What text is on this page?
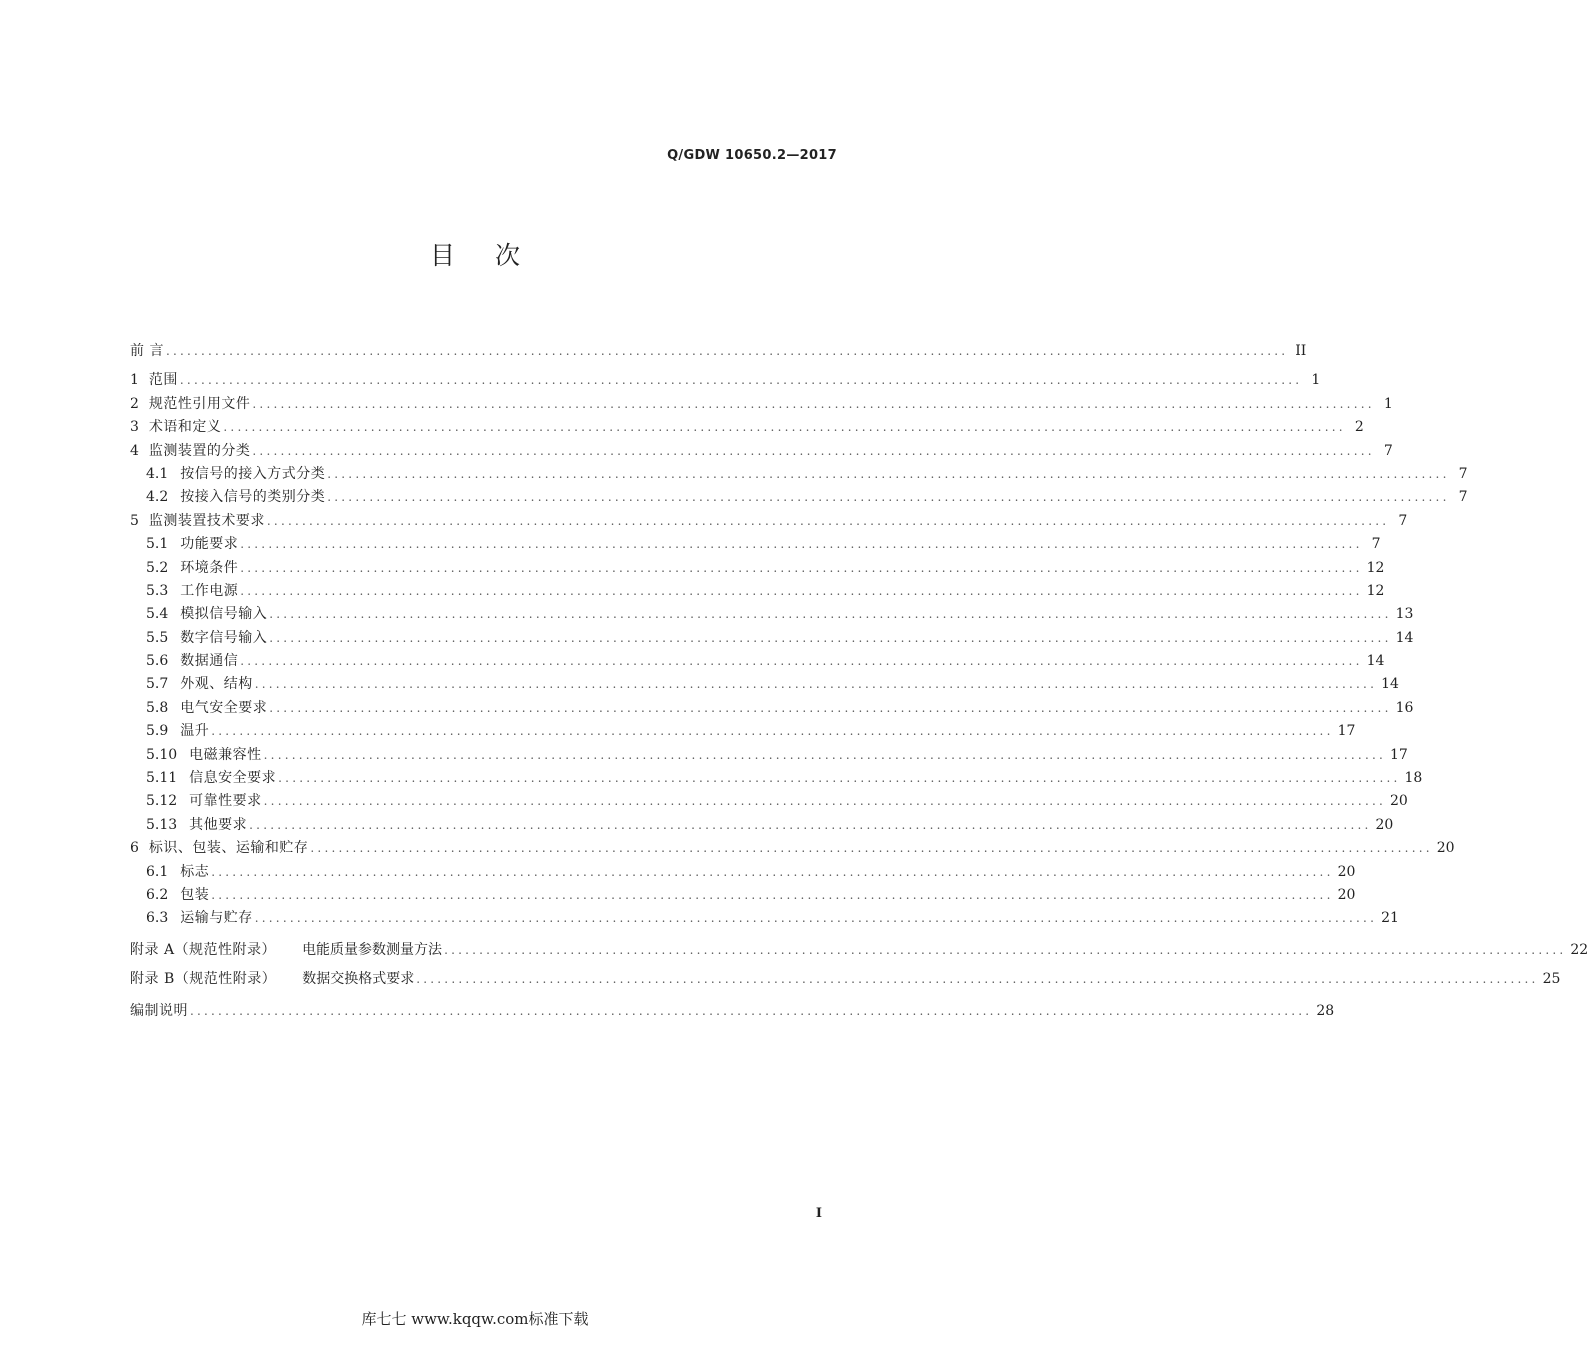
Q/GDW 10650.2—2017
目次
前 言 ................................................................................................................................................................ II
1 范围 ................................................................................................................................................................ 1
2 规范性引用文件 ................................................................................................................................................................ 1
3 术语和定义 ................................................................................................................................................................ 2
4 监测装置的分类 ................................................................................................................................................................ 7
4.1 按信号的接入方式分类 ................................................................................................................................................................ 7
4.2 按接入信号的类别分类 ................................................................................................................................................................ 7
5 监测装置技术要求 ................................................................................................................................................................ 7
5.1 功能要求 ................................................................................................................................................................ 7
5.2 环境条件 ................................................................................................................................................................ 12
5.3 工作电源 ................................................................................................................................................................ 12
5.4 模拟信号输入 ................................................................................................................................................................ 13
5.5 数字信号输入 ................................................................................................................................................................ 14
5.6 数据通信 ................................................................................................................................................................ 14
5.7 外观、结构 ................................................................................................................................................................ 14
5.8 电气安全要求 ................................................................................................................................................................ 16
5.9 温升 ................................................................................................................................................................ 17
5.10 电磁兼容性 ................................................................................................................................................................ 17
5.11 信息安全要求 ................................................................................................................................................................ 18
5.12 可靠性要求 ................................................................................................................................................................ 20
5.13 其他要求 ................................................................................................................................................................ 20
6 标识、包装、运输和贮存 ................................................................................................................................................................ 20
6.1 标志 ................................................................................................................................................................ 20
6.2 包装 ................................................................................................................................................................ 20
6.3 运输与贮存 ................................................................................................................................................................ 21
附录 A（规范性附录） 电能质量参数测量方法 ................................................................................................................................................................ 22
附录 B（规范性附录） 数据交换格式要求 ................................................................................................................................................................ 25
编制说明 ................................................................................................................................................................ 28
I
库七七 www.kqqw.com标准下载
